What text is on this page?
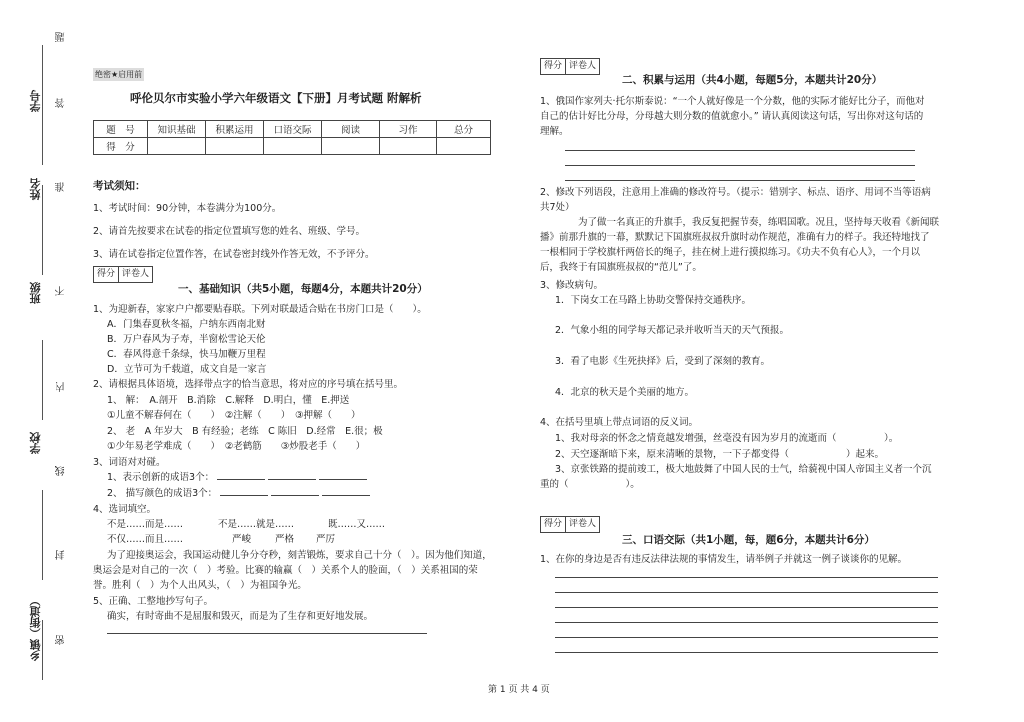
题
学号 答
姓名 准
班级 不
内
学校
线
封
乡镇（街道） 密
绝密★启用前
呼伦贝尔市实验小学六年级语文【下册】月考试题 附解析
题　号	知识基础	积累运用	口语交际	阅读	习作	总分
得　分						
考试须知：
1、考试时间：90分钟，本卷满分为100分。
2、请首先按要求在试卷的指定位置填写您的姓名、班级、学号。
3、请在试卷指定位置作答，在试卷密封线外作答无效，不予评分。
得分 评卷人
一、基础知识（共5小题，每题4分，本题共计20分）
1、为迎新春，家家户户都要贴春联。下列对联最适合贴在书房门口是（　　）。
A．门集春夏秋冬福，户纳东西南北财
B．万户春风为子寿，半窗松雪论天伦
C．春风得意千条绿，快马加鞭万里程
D．立节可为千载道，成文自是一家言
2、请根据具体语境，选择带点字的恰当意思，将对应的序号填在括号里。
1、 解：　A.剖开　B.消除　C.解释　D.明白，懂　E.押送
①儿童不解春何在（　　）　②注解（　　）　③押解（　　）
2、 老　A 年岁大　B 有经验；老练　C 陈旧　D.经常　E.很；极
①少年易老学难成（　　）　②老鹤筋　　③炒股老手（　　）
3、词语对对碰。
1、表示创新的成语3个：
2、 描写颜色的成语3个：
4、选词填空。
不是……而是……	不是……就是……	既……又……
不仅……而且……	严峻	严格 严厉
为了迎接奥运会，我国运动健儿争分夺秒，刻苦锻炼，要求自己十分（　）。因为他们知道，
奥运会是对自己的一次（　）考验。比赛的输赢（　）关系个人的脸面，（　）关系祖国的荣
誉。胜利（　）为个人出风头，（　）为祖国争光。
5、正确、工整地抄写句子。
确实，有时寄曲不是屈服和毁灭，而是为了生存和更好地发展。
得分 评卷人
二、积累与运用（共4小题，每题5分，本题共计20分）
1、俄国作家列夫·托尔斯泰说：“一个人就好像是一个分数，他的实际才能好比分子，而他对
自己的估计好比分母，分母越大则分数的值就愈小。” 请认真阅读这句话，写出你对这句话的
理解。
2、修改下列语段，注意用上准确的修改符号。（提示：错别字、标点、语序、用词不当等语病
共7处）
为了做一名真正的升旗手，我反复把握节奏，练唱国歌。况且，坚持每天收看《新闻联
播》前那升旗的一幕，默默记下国旗班叔叔升旗时动作规范，准确有力的样子。我还特地找了
一根相同于学校旗杆两倍长的绳子，挂在树上进行摸拟练习。《功夫不负有心人》，一个月以
后，我终于有国旗班叔叔的“范儿”了。
3、修改病句。
1．下岗女工在马路上协助交警保持交通秩序。
2．气象小组的同学每天都记录并收听当天的天气预报。
3．看了电影《生死抉择》后，受到了深刻的教育。
4．北京的秋天是个美丽的地方。
4、在括号里填上带点词语的反义词。
1、我对母亲的怀念之情竟越发增强，丝毫没有因为岁月的流逝而（　　　　　）。
2、天空逐渐暗下来，原来清晰的景物，一下子都变得（　　　　　　）起来。
3、京张铁路的提前竣工，极大地鼓舞了中国人民的士气，给藐视中国人帝国主义者一个沉
重的（　　　　　　）。
得分 评卷人
三、口语交际（共1小题，每，题6分，本题共计6分）
1、在你的身边是否有违反法律法规的事情发生，请举例子并就这一例子谈谈你的见解。
第 1 页 共 4 页
